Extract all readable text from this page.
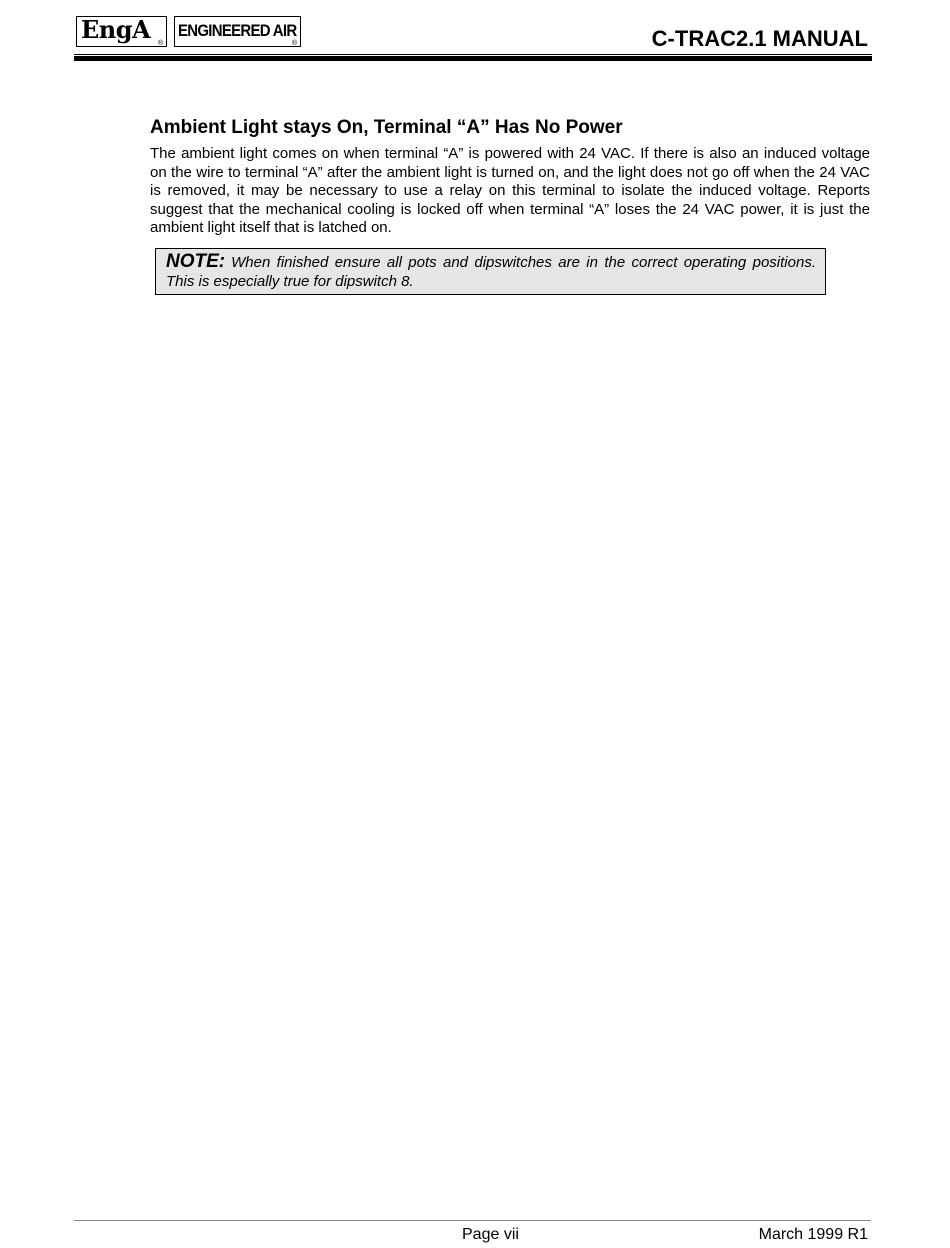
EngA ®
ENGINEERED AIR
®	C-TRAC2.1 MANUAL
Ambient Light stays On, Terminal “A” Has No Power
The ambient light comes on when terminal “A” is powered with 24 VAC. If there is also an induced voltage on the wire to terminal “A” after the ambient light is turned on, and the light does not go off when the 24 VAC is removed, it may be necessary to use a relay on this terminal to isolate the induced voltage. Reports suggest that the mechanical cooling is locked off when terminal “A” loses the 24 VAC power, it is just the ambient light itself that is latched on.
NOTE: When finished ensure all pots and dipswitches are in the correct operating positions. This is especially true for dipswitch 8.
Page vii	March 1999 R1
